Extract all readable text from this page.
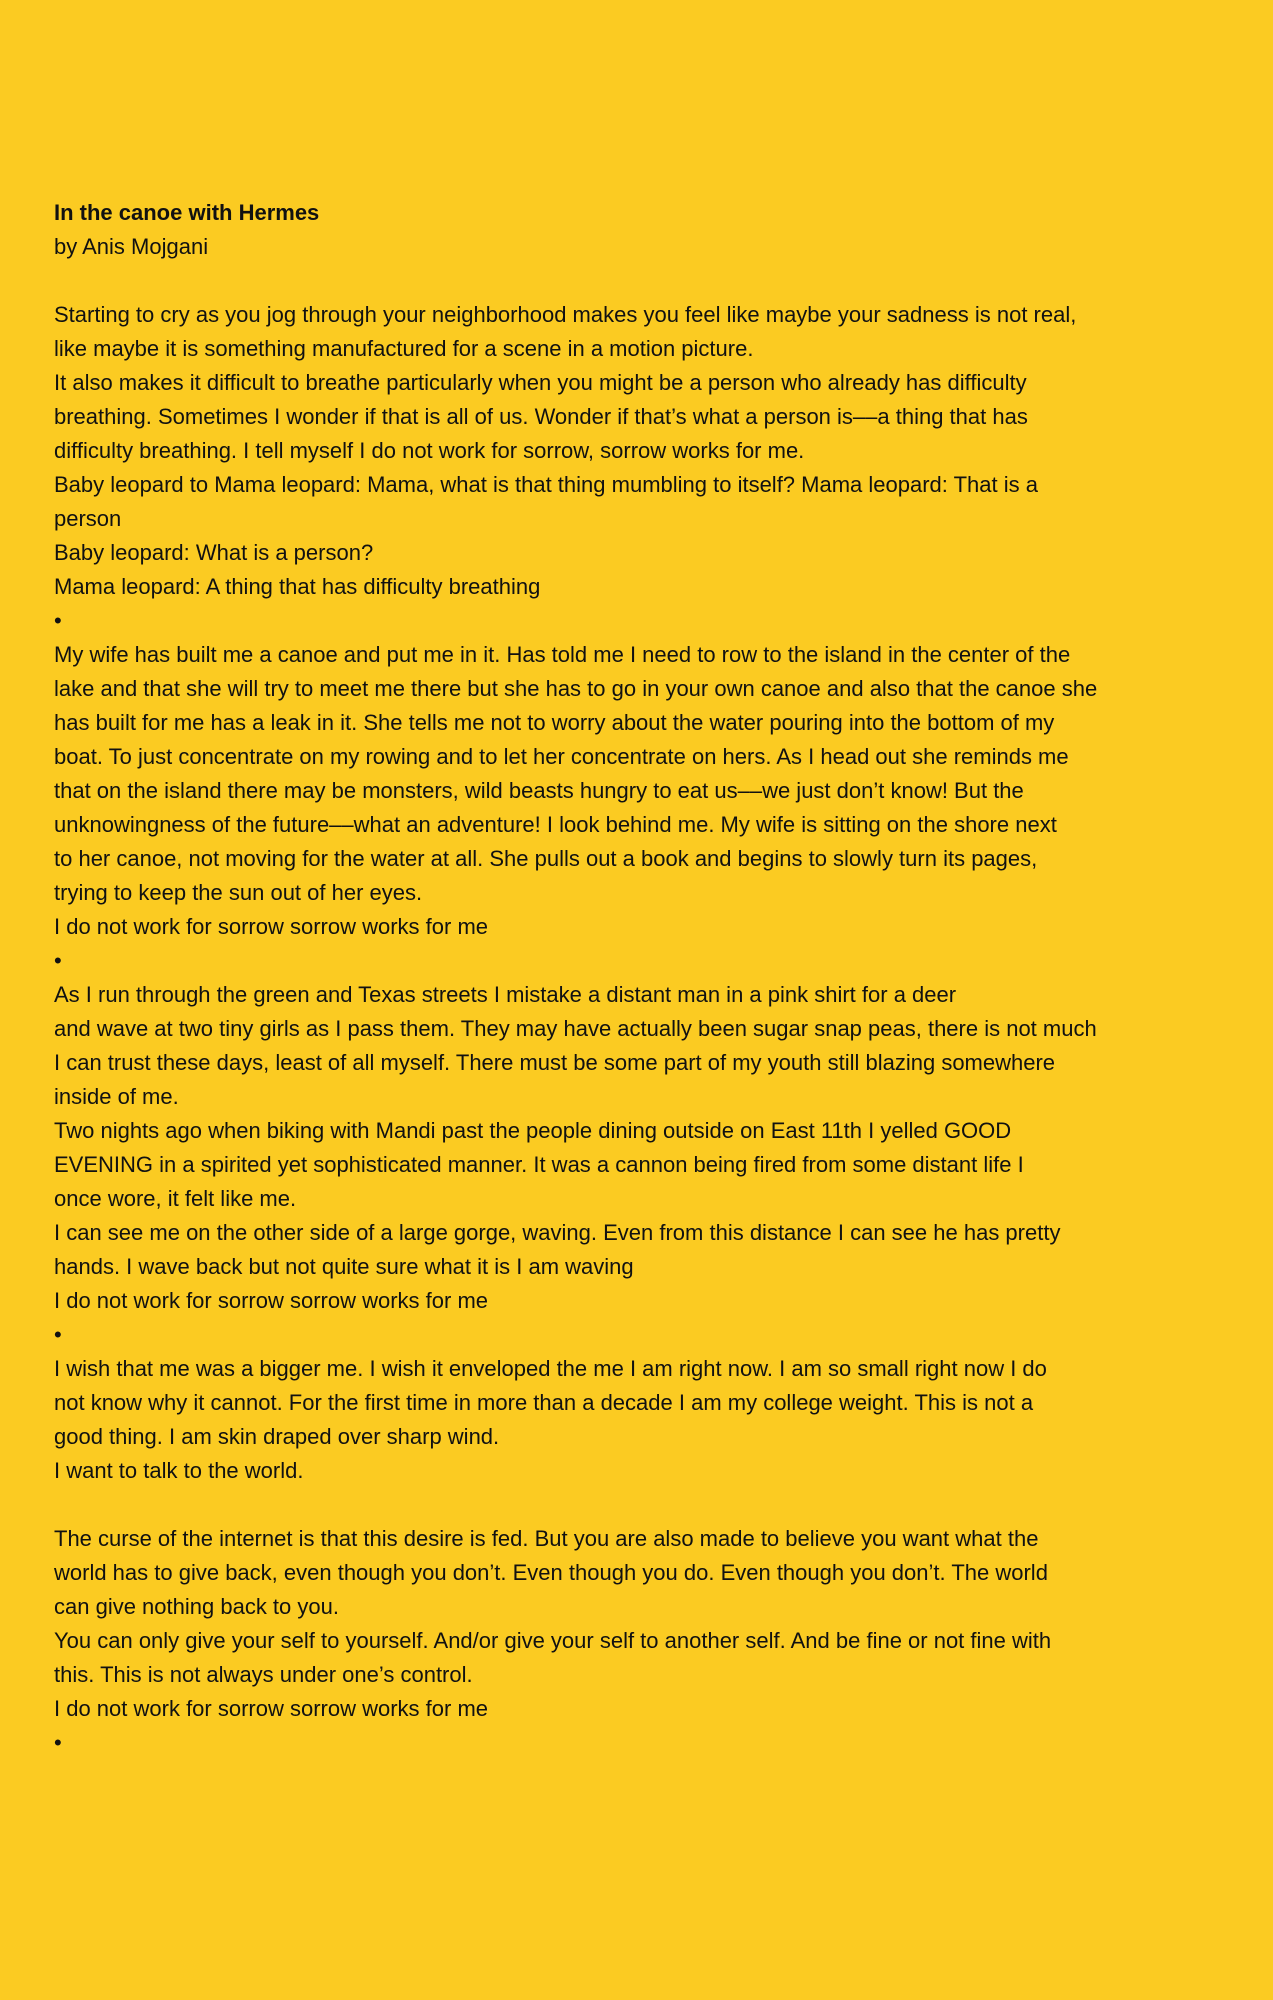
In the canoe with Hermes
by Anis Mojgani
Starting to cry as you jog through your neighborhood makes you feel like maybe your sadness is not real,
like maybe it is something manufactured for a scene in a motion picture.
It also makes it difficult to breathe particularly when you might be a person who already has difficulty
breathing. Sometimes I wonder if that is all of us. Wonder if that’s what a person is––a thing that has
difficulty breathing. I tell myself I do not work for sorrow, sorrow works for me.
Baby leopard to Mama leopard: Mama, what is that thing mumbling to itself? Mama leopard: That is a
person
Baby leopard: What is a person?
Mama leopard: A thing that has difficulty breathing
•
My wife has built me a canoe and put me in it. Has told me I need to row to the island in the center of the
lake and that she will try to meet me there but she has to go in your own canoe and also that the canoe she
has built for me has a leak in it. She tells me not to worry about the water pouring into the bottom of my
boat. To just concentrate on my rowing and to let her concentrate on hers. As I head out she reminds me
that on the island there may be monsters, wild beasts hungry to eat us––we just don’t know! But the
unknowingness of the future––what an adventure! I look behind me. My wife is sitting on the shore next
to her canoe, not moving for the water at all. She pulls out a book and begins to slowly turn its pages,
trying to keep the sun out of her eyes.
I do not work for sorrow sorrow works for me
•
As I run through the green and Texas streets I mistake a distant man in a pink shirt for a deer
and wave at two tiny girls as I pass them. They may have actually been sugar snap peas, there is not much
I can trust these days, least of all myself. There must be some part of my youth still blazing somewhere
inside of me.
Two nights ago when biking with Mandi past the people dining outside on East 11th I yelled GOOD
EVENING in a spirited yet sophisticated manner. It was a cannon being fired from some distant life I
once wore, it felt like me.
I can see me on the other side of a large gorge, waving. Even from this distance I can see he has pretty
hands. I wave back but not quite sure what it is I am waving
I do not work for sorrow sorrow works for me
•
I wish that me was a bigger me. I wish it enveloped the me I am right now. I am so small right now I do
not know why it cannot. For the first time in more than a decade I am my college weight. This is not a
good thing. I am skin draped over sharp wind.
I want to talk to the world.
The curse of the internet is that this desire is fed. But you are also made to believe you want what the
world has to give back, even though you don’t. Even though you do. Even though you don’t. The world
can give nothing back to you.
You can only give your self to yourself. And/or give your self to another self. And be fine or not fine with
this. This is not always under one’s control.
I do not work for sorrow sorrow works for me
•
